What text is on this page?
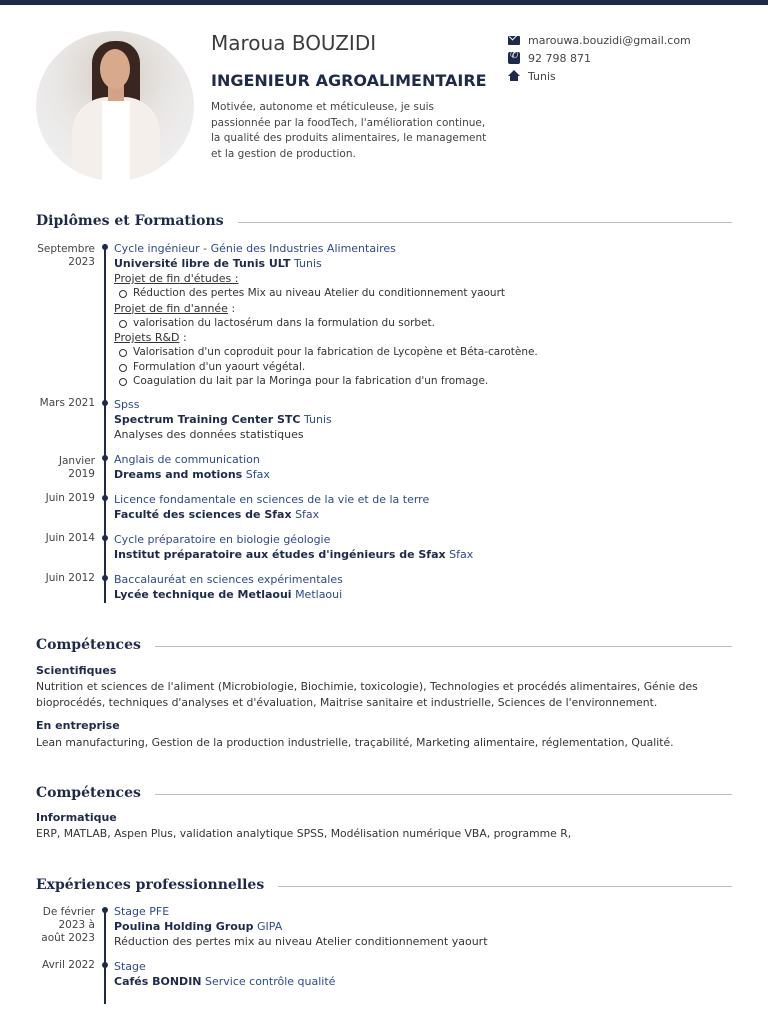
Maroua BOUZIDI
INGENIEUR AGROALIMENTAIRE
Motivée, autonome et méticuleuse, je suis passionnée par la foodTech, l'amélioration continue, la qualité des produits alimentaires, le management et la gestion de production.
marouwa.bouzidi@gmail.com
✆
92 798 871
Tunis
Diplômes et Formations
Septembre 2023
Cycle ingénieur - Génie des Industries Alimentaires
Université libre de Tunis ULT Tunis
Projet de fin d'études :
Réduction des pertes Mix au niveau Atelier du conditionnement yaourt
Projet de fin d'année :
valorisation du lactosérum dans la formulation du sorbet.
Projets R&D :
Valorisation d'un coproduit pour la fabrication de Lycopène et Béta-carotène.
Formulation d'un yaourt végétal.
Coagulation du lait par la Moringa pour la fabrication d'un fromage.
Mars 2021 Spss
Spectrum Training Center STC Tunis
Analyses des données statistiques
Janvier 2019
Anglais de communication
Dreams and motions Sfax
Juin 2019 Licence fondamentale en sciences de la vie et de la terre
Faculté des sciences de Sfax Sfax
Juin 2014 Cycle préparatoire en biologie géologie
Institut préparatoire aux études d'ingénieurs de Sfax Sfax
Juin 2012 Baccalauréat en sciences expérimentales
Lycée technique de Metlaoui Metlaoui
Compétences
Scientifiques
Nutrition et sciences de l'aliment (Microbiologie, Biochimie, toxicologie), Technologies et procédés alimentaires, Génie des bioprocédés, techniques d'analyses et d'évaluation, Maitrise sanitaire et industrielle, Sciences de l'environnement.
En entreprise
Lean manufacturing, Gestion de la production industrielle, traçabilité, Marketing alimentaire, réglementation, Qualité.
Compétences
Informatique
ERP, MATLAB, Aspen Plus, validation analytique SPSS, Modélisation numérique VBA, programme R,
Expériences professionnelles
De février 2023 à août 2023
Stage PFE
Poulina Holding Group GIPA
Réduction des pertes mix au niveau Atelier conditionnement yaourt
Avril 2022 Stage
Cafés BONDIN Service contrôle qualité
